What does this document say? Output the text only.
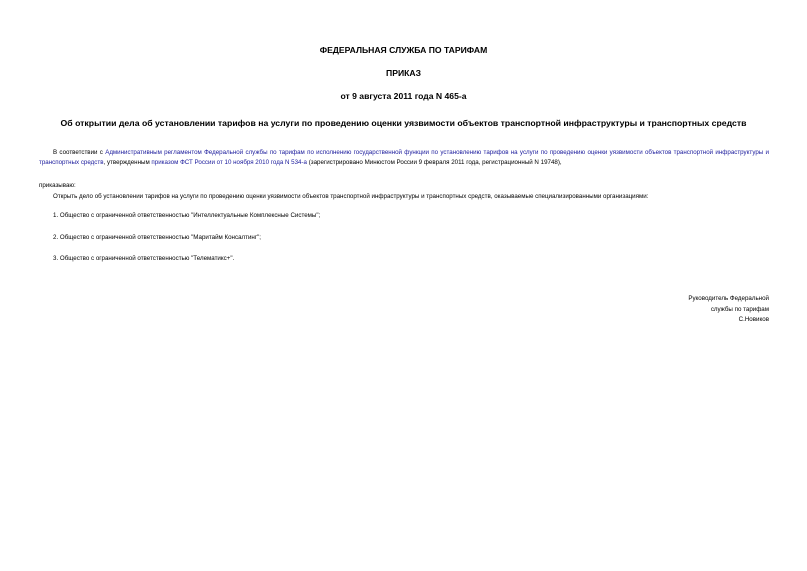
ФЕДЕРАЛЬНАЯ СЛУЖБА ПО ТАРИФАМ
ПРИКАЗ
от 9 августа 2011 года N 465-а
Об открытии дела об установлении тарифов на услуги по проведению оценки уязвимости объектов транспортной инфраструктуры и транспортных средств
В соответствии с Административным регламентом Федеральной службы по тарифам по исполнению государственной функции по установлению тарифов на услуги по проведению оценки уязвимости объектов транспортной инфраструктуры и транспортных средств, утвержденным приказом ФСТ России от 10 ноября 2010 года N 534-а (зарегистрировано Минюстом России 9 февраля 2011 года, регистрационный N 19748),
приказываю:
Открыть дело об установлении тарифов на услуги по проведению оценки уязвимости объектов транспортной инфраструктуры и транспортных средств, оказываемые специализированными организациями:
1. Общество с ограниченной ответственностью "Интеллектуальные Комплексные Системы";
2. Общество с ограниченной ответственностью "Маритайм Консалтинг";
3. Общество с ограниченной ответственностью "Телематикс+".
Руководитель Федеральной
службы по тарифам
С.Новиков
